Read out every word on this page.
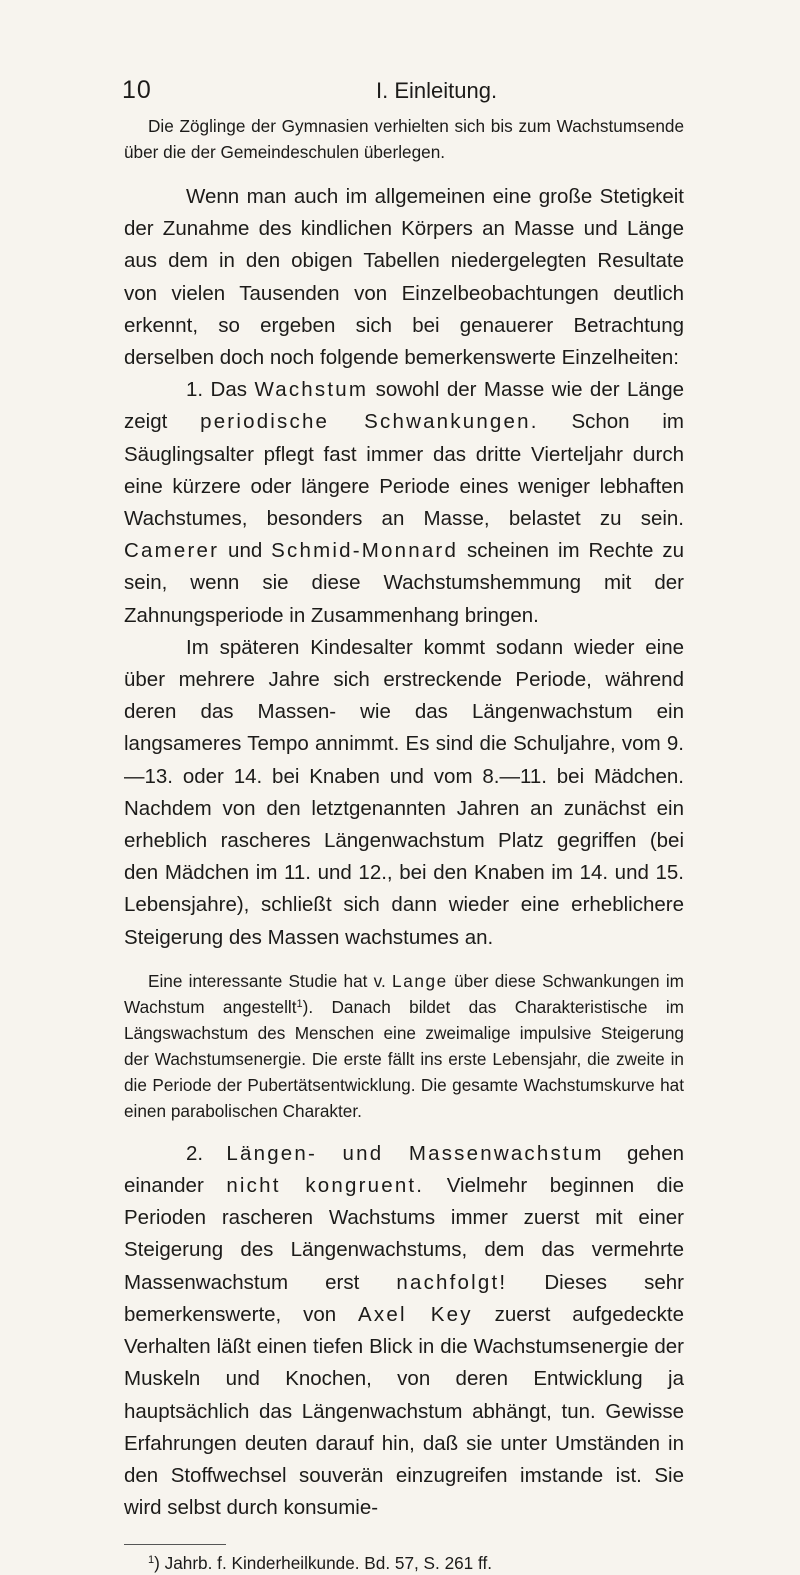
10	I. Einleitung.

Die Zöglinge der Gymnasien verhielten sich bis zum Wachstumsende über die der Gemeindeschulen überlegen.

Wenn man auch im allgemeinen eine große Stetigkeit der Zunahme des kindlichen Körpers an Masse und Länge aus dem in den obigen Tabellen niedergelegten Resultate von vielen Tausenden von Einzelbeobachtungen deutlich erkennt, so ergeben sich bei genauerer Betrachtung derselben doch noch folgende bemerkenswerte Einzelheiten:

1. Das Wachstum sowohl der Masse wie der Länge zeigt periodische Schwankungen. Schon im Säuglingsalter pflegt fast immer das dritte Vierteljahr durch eine kürzere oder längere Periode eines weniger lebhaften Wachstumes, besonders an Masse, belastet zu sein. Camerer und Schmid-Monnard scheinen im Rechte zu sein, wenn sie diese Wachstumshemmung mit der Zahnungsperiode in Zusammenhang bringen.

Im späteren Kindesalter kommt sodann wieder eine über mehrere Jahre sich erstreckende Periode, während deren das Massen- wie das Längenwachstum ein langsameres Tempo annimmt. Es sind die Schuljahre, vom 9.—13. oder 14. bei Knaben und vom 8.—11. bei Mädchen. Nachdem von den letztgenannten Jahren an zunächst ein erheblich rascheres Längenwachstum Platz gegriffen (bei den Mädchen im 11. und 12., bei den Knaben im 14. und 15. Lebensjahre), schließt sich dann wieder eine erheblichere Steigerung des Massen wachstumes an.

Eine interessante Studie hat v. Lange über diese Schwankungen im Wachstum angestellt$^1$). Danach bildet das Charakteristische im Längswachstum des Menschen eine zweimalige impulsive Steigerung der Wachstumsenergie. Die erste fällt ins erste Lebensjahr, die zweite in die Periode der Pubertätsentwicklung. Die gesamte Wachstumskurve hat einen parabolischen Charakter.

2. Längen- und Massenwachstum gehen einander nicht kongruent. Vielmehr beginnen die Perioden rascheren Wachstums immer zuerst mit einer Steigerung des Längenwachstums, dem das vermehrte Massenwachstum erst nachfolgt! Dieses sehr bemerkenswerte, von Axel Key zuerst aufgedeckte Verhalten läßt einen tiefen Blick in die Wachstumsenergie der Muskeln und Knochen, von deren Entwicklung ja hauptsächlich das Längenwachstum abhängt, tun. Gewisse Erfahrungen deuten darauf hin, daß sie unter Umständen in den Stoffwechsel souverän einzugreifen imstande ist. Sie wird selbst durch konsumie-

$^1$) Jahrb. f. Kinderheilkunde. Bd. 57, S. 261 ff.
